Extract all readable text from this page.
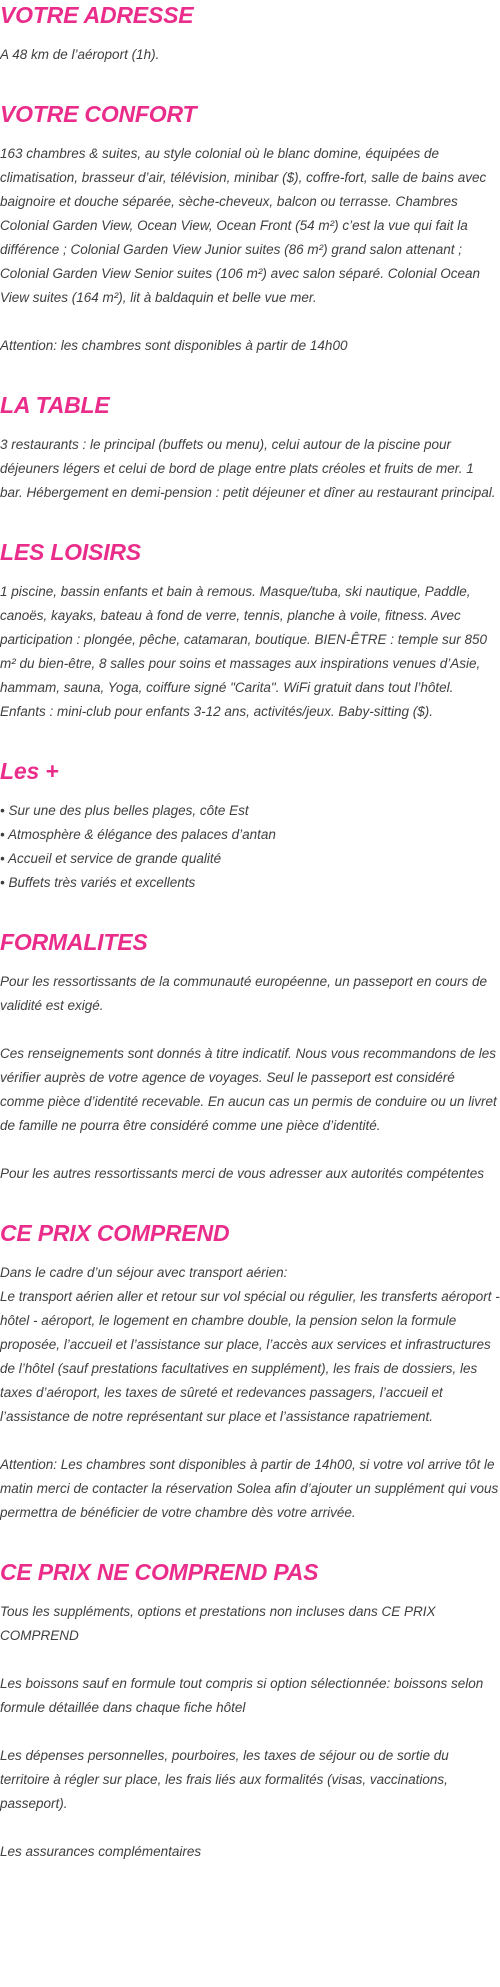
VOTRE ADRESSE

A 48 km de l’aéroport (1h).

VOTRE CONFORT

163 chambres & suites, au style colonial où le blanc domine, équipées de climatisation, brasseur d’air, télévision, minibar ($), coffre-fort, salle de bains avec baignoire et douche séparée, sèche-cheveux, balcon ou terrasse. Chambres Colonial Garden View, Ocean View, Ocean Front (54 m²) c’est la vue qui fait la différence ; Colonial Garden View Junior suites (86 m²) grand salon attenant ; Colonial Garden View Senior suites (106 m²) avec salon séparé. Colonial Ocean View suites (164 m²), lit à baldaquin et belle vue mer.

Attention: les chambres sont disponibles à partir de 14h00

LA TABLE

3 restaurants : le principal (buffets ou menu), celui autour de la piscine pour déjeuners légers et celui de bord de plage entre plats créoles et fruits de mer. 1 bar. Hébergement en demi-pension : petit déjeuner et dîner au restaurant principal.

LES LOISIRS

1 piscine, bassin enfants et bain à remous. Masque/tuba, ski nautique, Paddle, canoës, kayaks, bateau à fond de verre, tennis, planche à voile, fitness. Avec participation : plongée, pêche, catamaran, boutique. BIEN-ÊTRE : temple sur 850 m² du bien-être, 8 salles pour soins et massages aux inspirations venues d’Asie, hammam, sauna, Yoga, coiffure signé "Carita". WiFi gratuit dans tout l’hôtel.
Enfants : mini-club pour enfants 3-12 ans, activités/jeux. Baby-sitting ($).

Les +
• Sur une des plus belles plages, côte Est
• Atmosphère & élégance des palaces d’antan
• Accueil et service de grande qualité
• Buffets très variés et excellents
FORMALITES

Pour les ressortissants de la communauté européenne, un passeport en cours de validité est exigé.

Ces renseignements sont donnés à titre indicatif. Nous vous recommandons de les vérifier auprès de votre agence de voyages. Seul le passeport est considéré comme pièce d’identité recevable. En aucun cas un permis de conduire ou un livret de famille ne pourra être considéré comme une pièce d’identité.

Pour les autres ressortissants merci de vous adresser aux autorités compétentes

CE PRIX COMPREND

Dans le cadre d’un séjour avec transport aérien:
Le transport aérien aller et retour sur vol spécial ou régulier, les transferts aéroport - hôtel - aéroport, le logement en chambre double, la pension selon la formule proposée, l’accueil et l’assistance sur place, l’accès aux services et infrastructures de l’hôtel (sauf prestations facultatives en supplément), les frais de dossiers, les taxes d’aéroport, les taxes de sûreté et redevances passagers, l’accueil et l’assistance de notre représentant sur place et l’assistance rapatriement.

Attention: Les chambres sont disponibles à partir de 14h00, si votre vol arrive tôt le matin merci de contacter la réservation Solea afin d’ajouter un supplément qui vous permettra de bénéficier de votre chambre dès votre arrivée.

CE PRIX NE COMPREND PAS

Tous les suppléments, options et prestations non incluses dans CE PRIX COMPREND

Les boissons sauf en formule tout compris si option sélectionnée: boissons selon formule détaillée dans chaque fiche hôtel

Les dépenses personnelles, pourboires, les taxes de séjour ou de sortie du territoire à régler sur place, les frais liés aux formalités (visas, vaccinations, passeport).

Les assurances complémentaires
